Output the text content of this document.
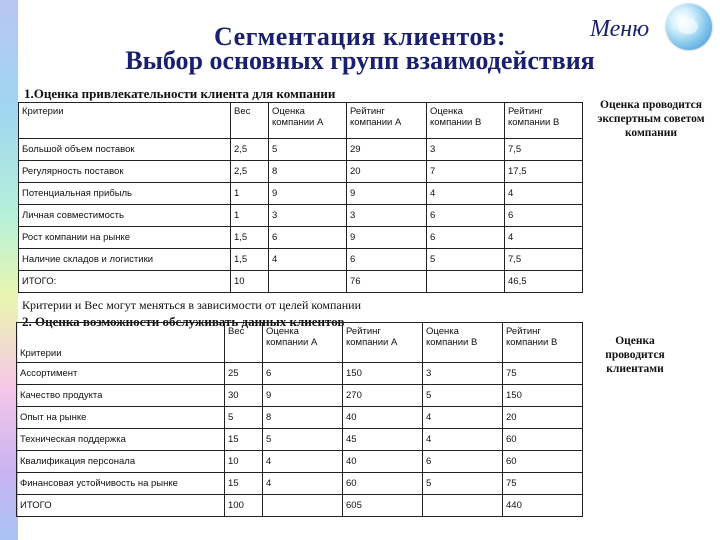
Сегментация клиентов:
Выбор основных групп взаимодействия
Меню
1.Оценка привлекательности клиента для компании
Оценка проводится экспертным советом компании
Критерии	Вес	Оценка компании А	Рейтинг компании А	Оценка компании В	Рейтинг компании В
Большой объем поставок	2,5	5	29	3	7,5
Регулярность поставок	2,5	8	20	7	17,5
Потенциальная прибыль	1	9	9	4	4
Личная совместимость	1	3	3	6	6
Рост компании на рынке	1,5	6	9	6	4
Наличие складов и логистики	1,5	4	6	5	7,5
ИТОГО:	10		76		46,5
Критерии и Вес могут меняться в зависимости от целей компании
2. Оценка возможности обслуживать данных клиентов
Оценка проводится клиентами
Критерии	Вес	Оценка компании А	Рейтинг компании А	Оценка компании В	Рейтинг компании В
Ассортимент	25	6	150	3	75
Качество продукта	30	9	270	5	150
Опыт на рынке	5	8	40	4	20
Техническая поддержка	15	5	45	4	60
Квалификация персонала	10	4	40	6	60
Финансовая устойчивость на рынке	15	4	60	5	75
ИТОГО	100		605		440
